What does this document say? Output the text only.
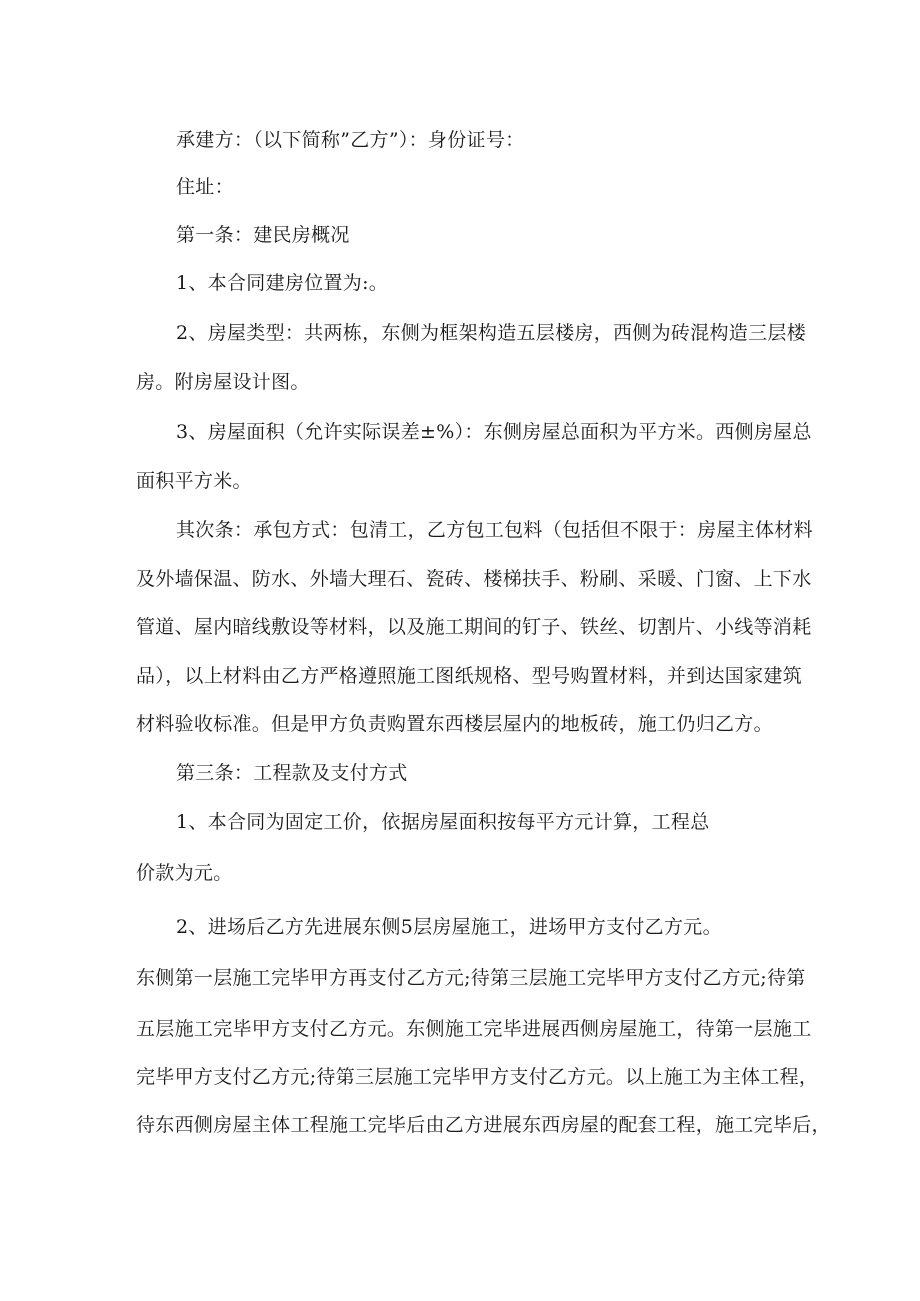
承建方：（以下简称”乙方”）：身份证号：
住址：
第一条：建民房概况
1、本合同建房位置为:。
2、房屋类型：共两栋，东侧为框架构造五层楼房，西侧为砖混构造三层楼
房。附房屋设计图。
3、房屋面积（允许实际误差±%）：东侧房屋总面积为平方米。西侧房屋总
面积平方米。
其次条：承包方式：包清工，乙方包工包料（包括但不限于：房屋主体材料
及外墙保温、防水、外墙大理石、瓷砖、楼梯扶手、粉刷、采暖、门窗、上下水
管道、屋内暗线敷设等材料，以及施工期间的钉子、铁丝、切割片、小线等消耗
品），以上材料由乙方严格遵照施工图纸规格、型号购置材料，并到达国家建筑
材料验收标准。但是甲方负责购置东西楼层屋内的地板砖，施工仍归乙方。
第三条：工程款及支付方式
1、本合同为固定工价，依据房屋面积按每平方元计算，工程总
价款为元。
2、进场后乙方先进展东侧5层房屋施工，进场甲方支付乙方元。
东侧第一层施工完毕甲方再支付乙方元;待第三层施工完毕甲方支付乙方元;待第
五层施工完毕甲方支付乙方元。东侧施工完毕进展西侧房屋施工，待第一层施工
完毕甲方支付乙方元;待第三层施工完毕甲方支付乙方元。以上施工为主体工程，
待东西侧房屋主体工程施工完毕后由乙方进展东西房屋的配套工程，施工完毕后，
